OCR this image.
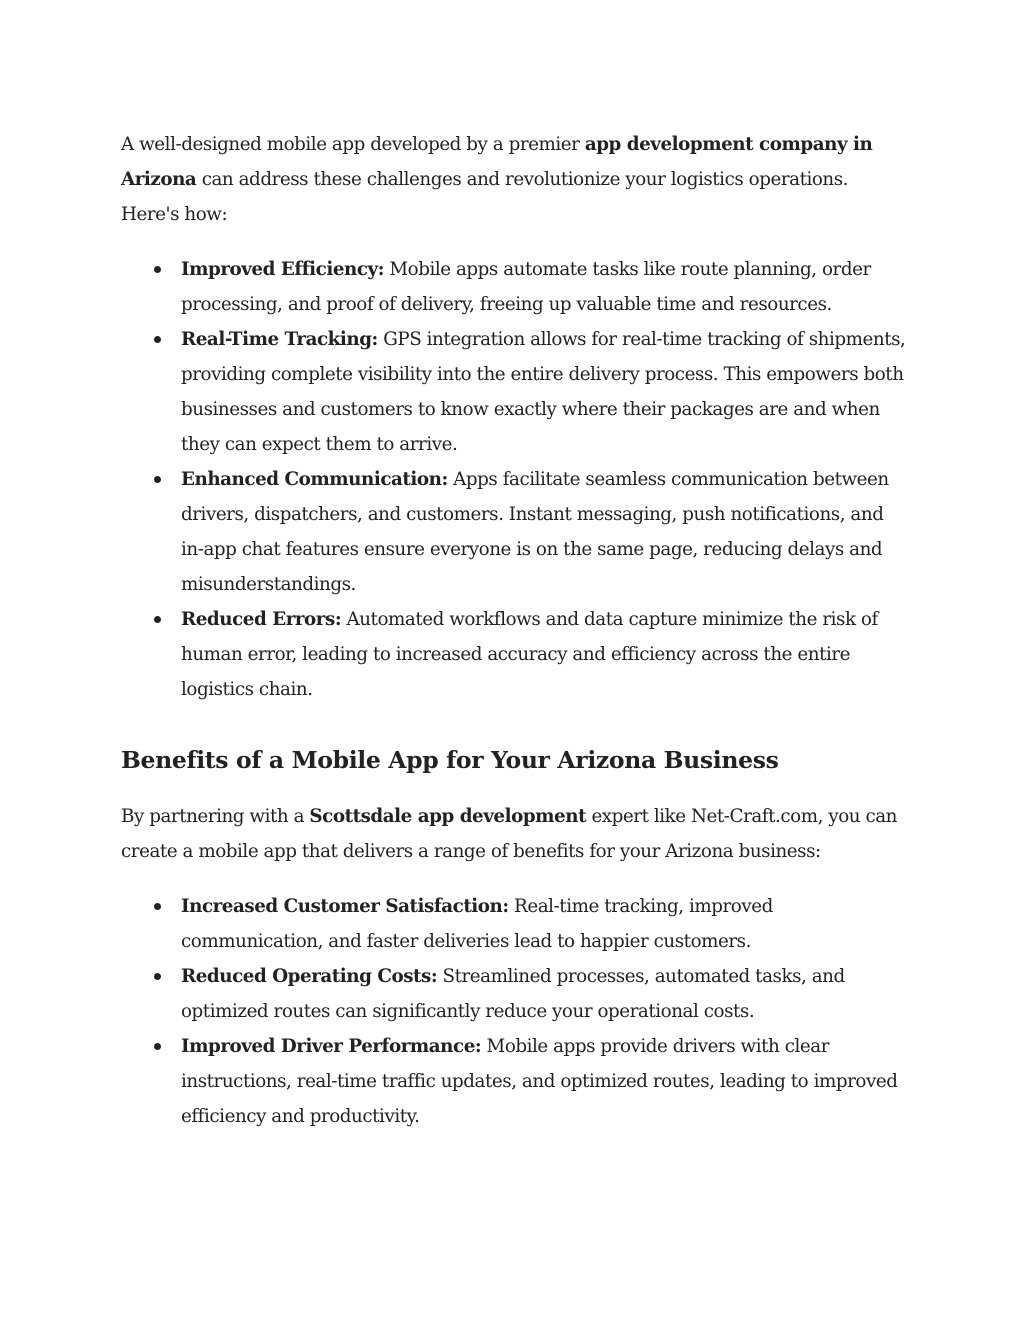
A well-designed mobile app developed by a premier app development company in Arizona can address these challenges and revolutionize your logistics operations. Here's how:

Improved Efficiency: Mobile apps automate tasks like route planning, order processing, and proof of delivery, freeing up valuable time and resources.
Real-Time Tracking: GPS integration allows for real-time tracking of shipments, providing complete visibility into the entire delivery process. This empowers both businesses and customers to know exactly where their packages are and when they can expect them to arrive.
Enhanced Communication: Apps facilitate seamless communication between drivers, dispatchers, and customers. Instant messaging, push notifications, and in-app chat features ensure everyone is on the same page, reducing delays and misunderstandings.
Reduced Errors: Automated workflows and data capture minimize the risk of human error, leading to increased accuracy and efficiency across the entire logistics chain.
Benefits of a Mobile App for Your Arizona Business

By partnering with a Scottsdale app development expert like Net-Craft.com, you can create a mobile app that delivers a range of benefits for your Arizona business:

Increased Customer Satisfaction: Real-time tracking, improved communication, and faster deliveries lead to happier customers.
Reduced Operating Costs: Streamlined processes, automated tasks, and optimized routes can significantly reduce your operational costs.
Improved Driver Performance: Mobile apps provide drivers with clear instructions, real-time traffic updates, and optimized routes, leading to improved efficiency and productivity.
